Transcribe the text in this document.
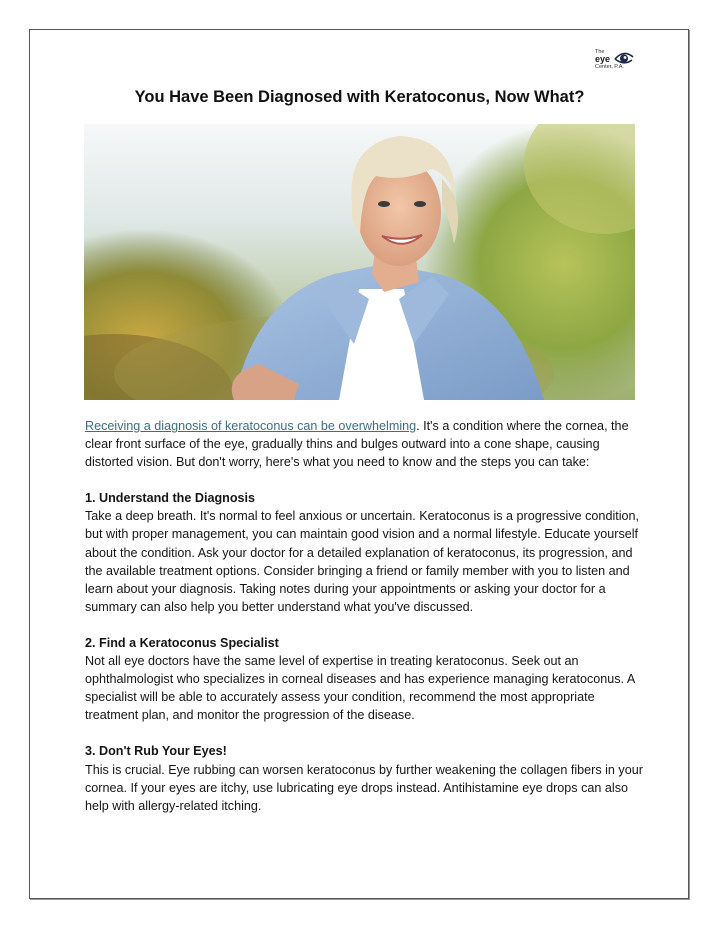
The
eye
Center, P.A.
You Have Been Diagnosed with Keratoconus, Now What?

Receiving a diagnosis of keratoconus can be overwhelming. It's a condition where the cornea, the clear front surface of the eye, gradually thins and bulges outward into a cone shape, causing distorted vision. But don't worry, here's what you need to know and the steps you can take:

1. Understand the Diagnosis

Take a deep breath. It's normal to feel anxious or uncertain. Keratoconus is a progressive condition, but with proper management, you can maintain good vision and a normal lifestyle. Educate yourself about the condition. Ask your doctor for a detailed explanation of keratoconus, its progression, and the available treatment options. Consider bringing a friend or family member with you to listen and learn about your diagnosis. Taking notes during your appointments or asking your doctor for a summary can also help you better understand what you've discussed.

2. Find a Keratoconus Specialist

Not all eye doctors have the same level of expertise in treating keratoconus. Seek out an ophthalmologist who specializes in corneal diseases and has experience managing keratoconus. A specialist will be able to accurately assess your condition, recommend the most appropriate treatment plan, and monitor the progression of the disease.

3. Don't Rub Your Eyes!

This is crucial. Eye rubbing can worsen keratoconus by further weakening the collagen fibers in your cornea. If your eyes are itchy, use lubricating eye drops instead. Antihistamine eye drops can also help with allergy-related itching.
